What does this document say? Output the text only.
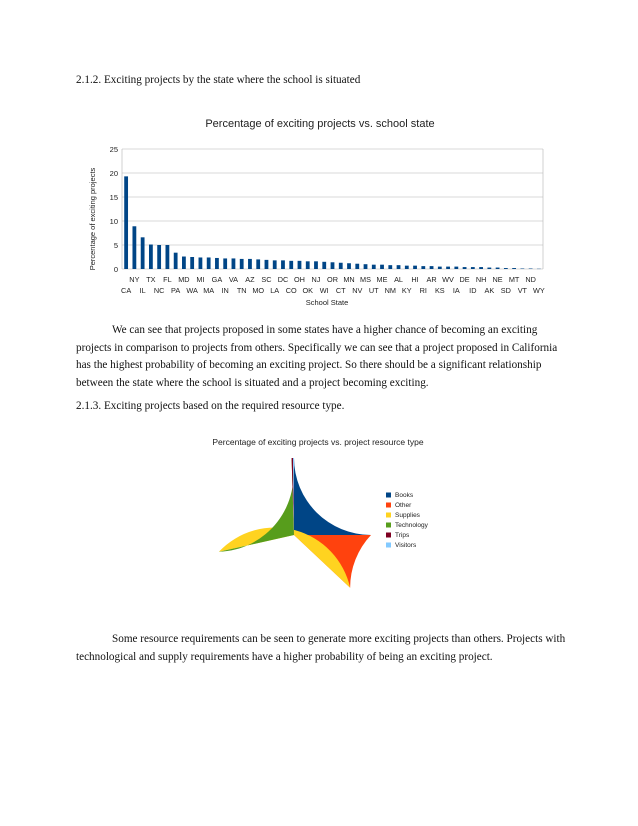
2.1.2. Exciting projects by the state where the school is situated
Percentage of exciting projects vs. school state
0
5
10
15
20
25
CA
NY
IL
TX
NC
FL
PA
MD
WA
MI
MA
GA
IN
VA
TN
AZ
MO
SC
LA
DC
CO
OH
OK
NJ
WI
OR
CT
MN
NV
MS
UT
ME
NM
AL
KY
HI
RI
AR
KS
WV
IA
DE
ID
NH
AK
NE
SD
MT
VT
ND
WY
Percentage of exciting projects
School State
We can see that projects proposed in some states have a higher chance of becoming an exciting projects in comparison to projects from others. Specifically we can see that a project proposed in California has the highest probability of becoming an exciting project. So there should be a significant relationship between the state where the school is situated and a project becoming exciting.
2.1.3. Exciting projects based on the required resource type.
Percentage of exciting projects vs. project resource type
Books
Other
Supplies
Technology
Trips
Visitors
Some resource requirements can be seen to generate more exciting projects than others. Projects with technological and supply requirements have a higher probability of being an exciting project.
